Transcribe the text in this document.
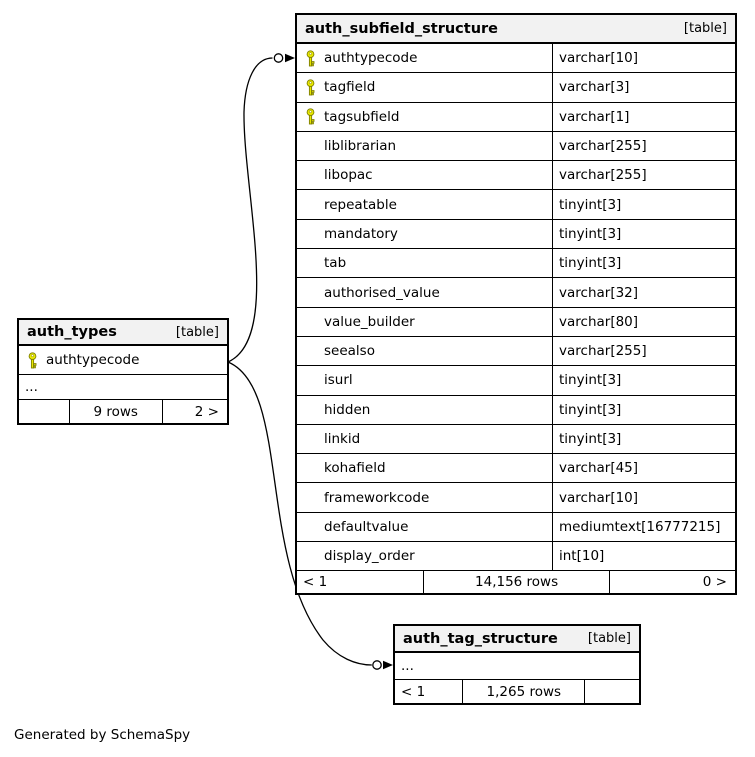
auth_subfield_structure	[table]
authtypecode	varchar[10]
tagfield	varchar[3]
tagsubfield	varchar[1]
liblibrarian	varchar[255]
libopac	varchar[255]
repeatable	tinyint[3]
mandatory	tinyint[3]
tab	tinyint[3]
authorised_value	varchar[32]
value_builder	varchar[80]
seealso	varchar[255]
isurl	tinyint[3]
hidden	tinyint[3]
linkid	tinyint[3]
kohafield	varchar[45]
frameworkcode	varchar[10]
defaultvalue	mediumtext[16777215]
display_order	int[10]
< 1	14,156 rows	0 >
auth_types	[table]
authtypecode
...
9 rows	2 >
auth_tag_structure [table]
...
< 1	1,265 rows
Generated by SchemaSpy
